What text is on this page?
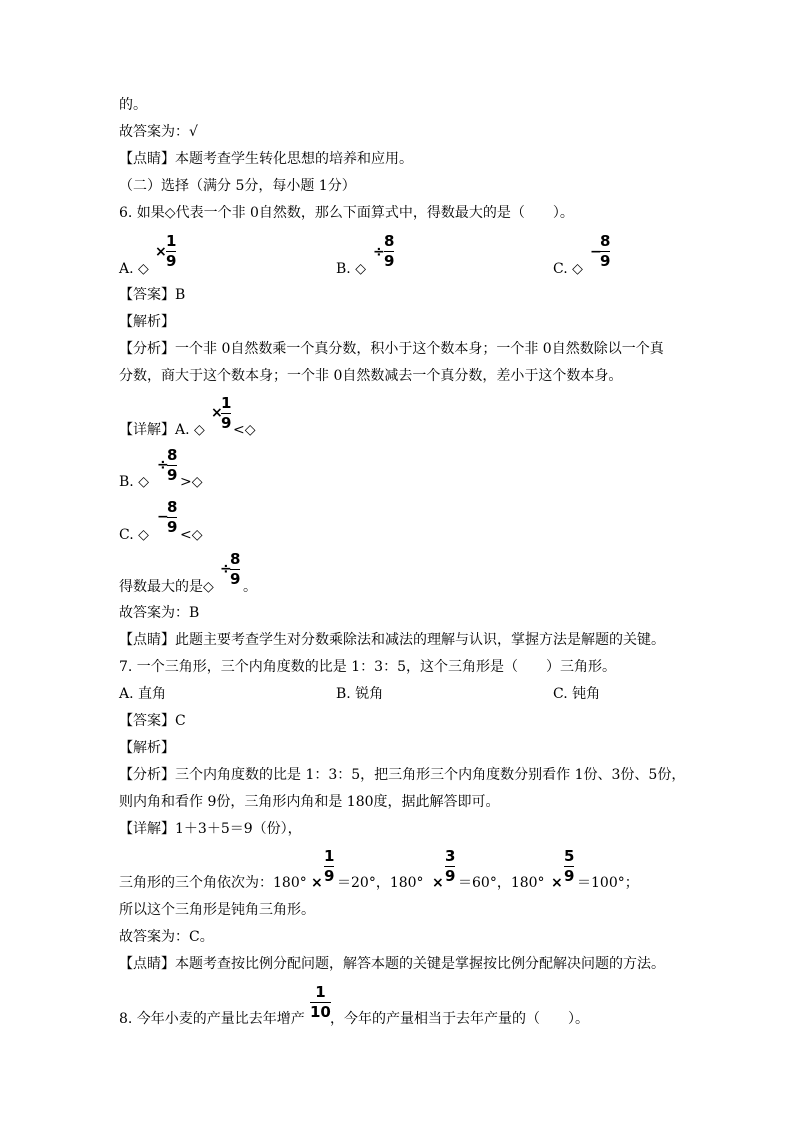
的。
故答案为：√
【点睛】本题考查学生转化思想的培养和应用。
（二）选择（满分 5分，每小题 1分）
6. 如果◇代表一个非 0自然数，那么下面算式中，得数最大的是（　　）。
A. ◇
×
1
9	B. ◇
÷
8
9	C. ◇
−
8
9
【答案】B
【解析】
【分析】一个非 0自然数乘一个真分数，积小于这个数本身；一个非 0自然数除以一个真
分数，商大于这个数本身；一个非 0自然数减去一个真分数，差小于这个数本身。
【详解】A. ◇
×
1
9 <◇
B. ◇
÷
8
9 >◇
C. ◇
−
8
9 <◇
得数最大的是◇
÷
8
9 。
故答案为：B
【点睛】此题主要考查学生对分数乘除法和减法的理解与认识，掌握方法是解题的关键。
7. 一个三角形，三个内角度数的比是 1：3：5，这个三角形是（　　）三角形。
A. 直角	B. 锐角	C. 钝角
【答案】C
【解析】
【分析】三个内角度数的比是 1：3：5，把三角形三个内角度数分别看作 1份、3份、5份，
则内角和看作 9份，三角形内角和是 180度，据此解答即可。
【详解】1＋3＋5＝9（份），
三角形的三个角依次为：180° ×
1
9 ＝20°，180° ×
3
9 ＝60°，180° ×
5
9 ＝100°；
所以这个三角形是钝角三角形。
故答案为：C。
【点睛】本题考查按比例分配问题，解答本题的关键是掌握按比例分配解决问题的方法。
8. 今年小麦的产量比去年增产
1
10 ，今年的产量相当于去年产量的（　　）。
